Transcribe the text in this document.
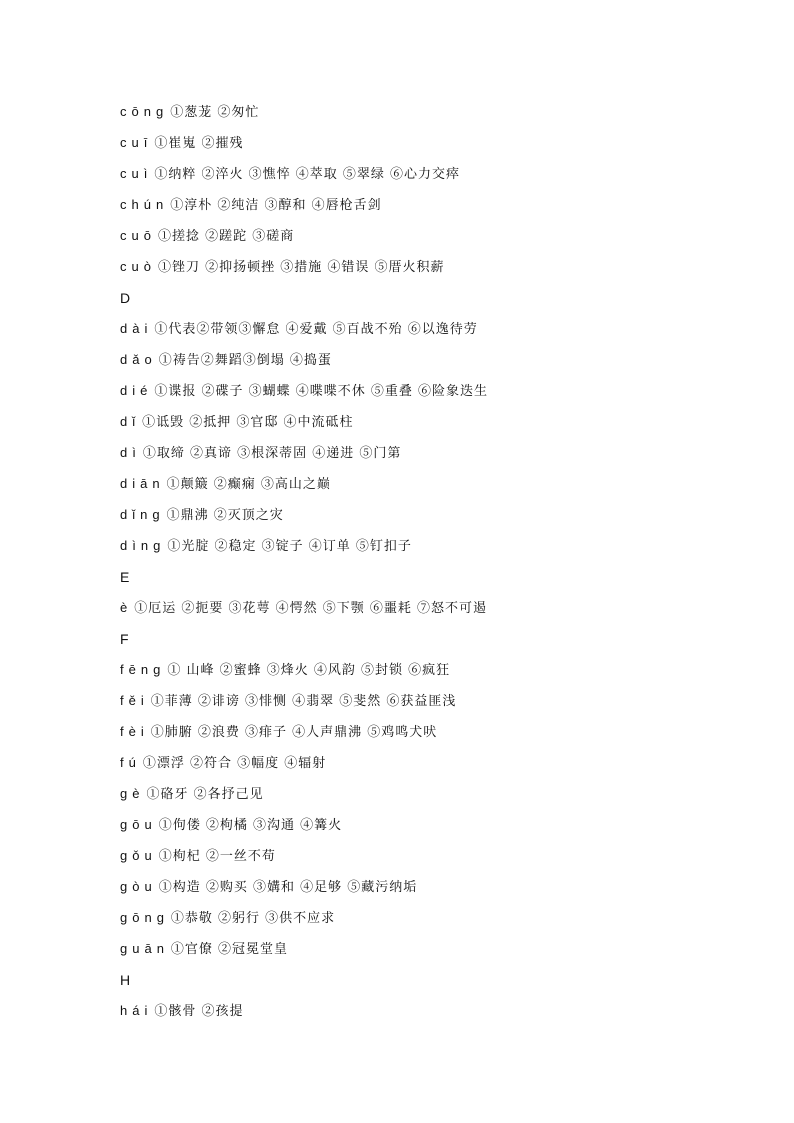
cōng①葱茏 ②匆忙
cuī ①崔嵬 ②摧残
cuì ①纳粹 ②淬火 ③憔悴 ④萃取 ⑤翠绿 ⑥心力交瘁
chún ①淳朴 ②纯洁 ③醇和 ④唇枪舌剑
cuō ①搓捻 ②蹉跎 ③磋商
cuò ①锉刀 ②抑扬顿挫 ③措施 ④错误 ⑤厝火积薪
D
dài ①代表②带领③懈怠 ④爱戴 ⑤百战不殆 ⑥以逸待劳
dǎo ①祷告②舞蹈③倒塌 ④捣蛋
dié ①谍报 ②碟子 ③蝴蝶 ④喋喋不休 ⑤重叠 ⑥险象迭生
dǐ ①诋毁 ②抵押 ③官邸 ④中流砥柱
dì ①取缔 ②真谛 ③根深蒂固 ④递进 ⑤门第
diān ①颠簸 ②癫痫 ③高山之巅
dǐng ①鼎沸 ②灭顶之灾
dìng ①光腚 ②稳定 ③锭子 ④订单 ⑤钉扣子
E
è ①厄运 ②扼要 ③花萼 ④愕然 ⑤下颚 ⑥噩耗 ⑦怒不可遏
F
fēng ① 山峰 ②蜜蜂 ③烽火 ④风韵 ⑤封锁 ⑥疯狂
fěi ①菲薄 ②诽谤 ③悱恻 ④翡翠 ⑤斐然 ⑥获益匪浅
fèi ①肺腑 ②浪费 ③痱子 ④人声鼎沸 ⑤鸡鸣犬吠
fú ①漂浮 ②符合 ③幅度 ④辐射
gè ①硌牙 ②各抒己见
gōu ①佝偻 ②枸橘 ③沟通 ④篝火
gǒu ①枸杞 ②一丝不苟
gòu ①构造 ②购买 ③媾和 ④足够 ⑤藏污纳垢
gōng ①恭敬 ②躬行 ③供不应求
guān ①官僚 ②冠冕堂皇
H
hái ①骸骨 ②孩提
